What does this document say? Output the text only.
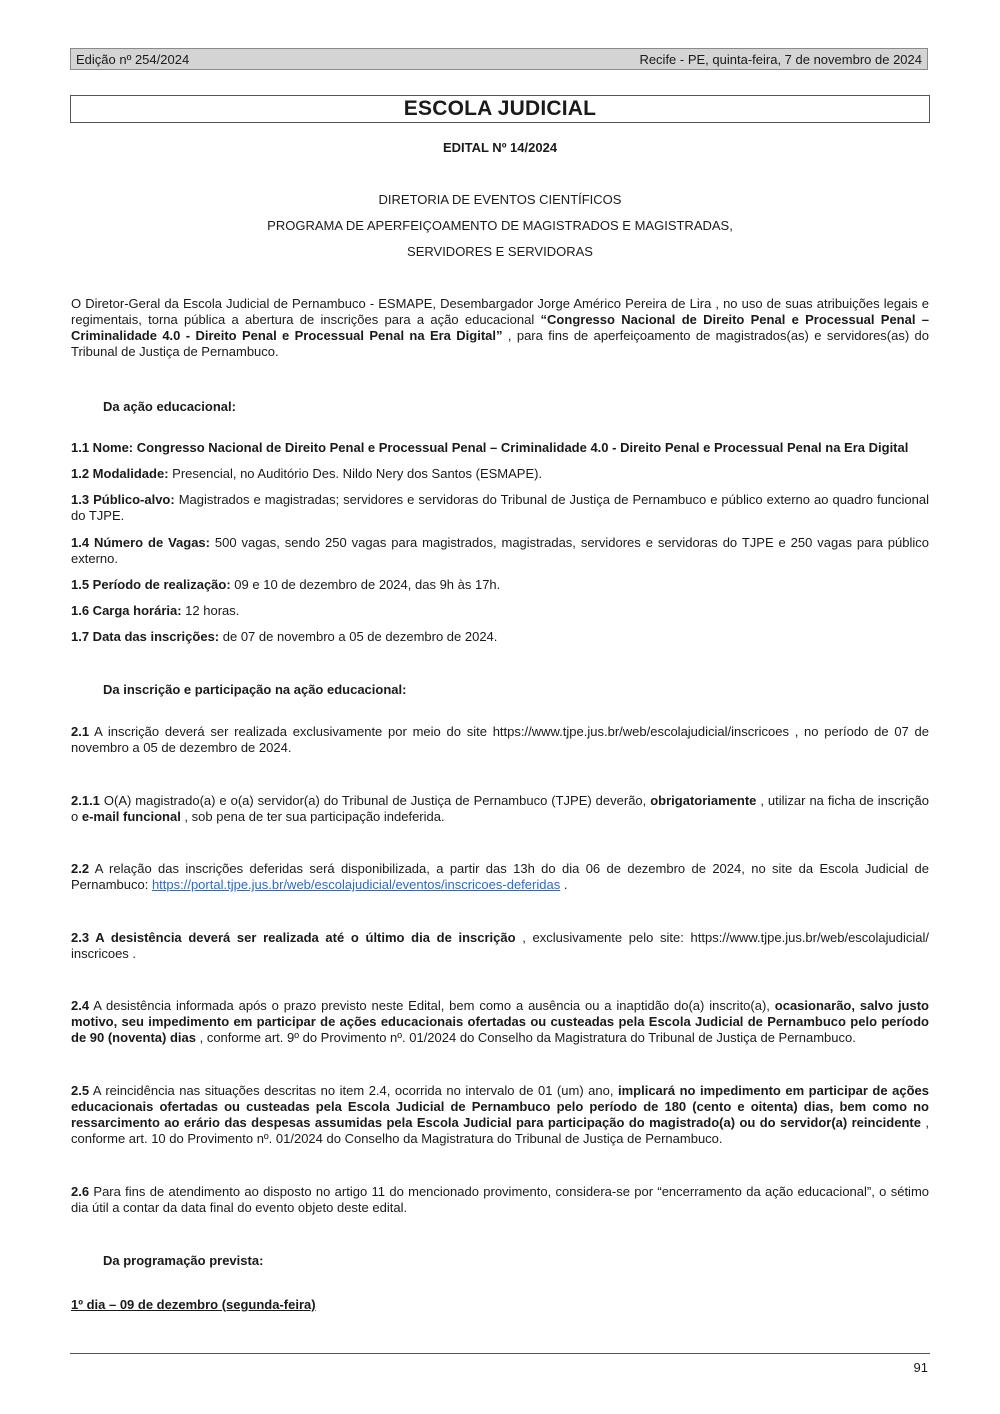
Edição nº 254/2024	Recife - PE, quinta-feira, 7 de novembro de 2024
ESCOLA JUDICIAL

EDITAL Nº 14/2024

DIRETORIA DE EVENTOS CIENTÍFICOS

PROGRAMA DE APERFEIÇOAMENTO DE MAGISTRADOS E MAGISTRADAS,

SERVIDORES E SERVIDORAS

O Diretor-Geral da Escola Judicial de Pernambuco - ESMAPE, Desembargador Jorge Américo Pereira de Lira , no uso de suas atribuições legais e regimentais, torna pública a abertura de inscrições para a ação educacional “Congresso Nacional de Direito Penal e Processual Penal – Criminalidade 4.0 - Direito Penal e Processual Penal na Era Digital” , para fins de aperfeiçoamento de magistrados(as) e servidores(as) do Tribunal de Justiça de Pernambuco.

Da ação educacional:

1.1 Nome: Congresso Nacional de Direito Penal e Processual Penal – Criminalidade 4.0 - Direito Penal e Processual Penal na Era Digital

1.2 Modalidade: Presencial, no Auditório Des. Nildo Nery dos Santos (ESMAPE).

1.3 Público-alvo: Magistrados e magistradas; servidores e servidoras do Tribunal de Justiça de Pernambuco e público externo ao quadro funcional do TJPE.

1.4 Número de Vagas: 500 vagas, sendo 250 vagas para magistrados, magistradas, servidores e servidoras do TJPE e 250 vagas para público externo.

1.5 Período de realização: 09 e 10 de dezembro de 2024, das 9h às 17h.

1.6 Carga horária: 12 horas.

1.7 Data das inscrições: de 07 de novembro a 05 de dezembro de 2024.

Da inscrição e participação na ação educacional:

2.1 A inscrição deverá ser realizada exclusivamente por meio do site https://www.tjpe.jus.br/web/escolajudicial/inscricoes , no período de 07 de novembro a 05 de dezembro de 2024.

2.1.1 O(A) magistrado(a) e o(a) servidor(a) do Tribunal de Justiça de Pernambuco (TJPE) deverão, obrigatoriamente , utilizar na ficha de inscrição o e-mail funcional , sob pena de ter sua participação indeferida.

2.2 A relação das inscrições deferidas será disponibilizada, a partir das 13h do dia 06 de dezembro de 2024, no site da Escola Judicial de Pernambuco: https://portal.tjpe.jus.br/web/escolajudicial/eventos/inscricoes-deferidas .

2.3 A desistência deverá ser realizada até o último dia de inscrição , exclusivamente pelo site: https://www.tjpe.jus.br/web/escolajudicial/ inscricoes .

2.4 A desistência informada após o prazo previsto neste Edital, bem como a ausência ou a inaptidão do(a) inscrito(a), ocasionarão, salvo justo motivo, seu impedimento em participar de ações educacionais ofertadas ou custeadas pela Escola Judicial de Pernambuco pelo período de 90 (noventa) dias , conforme art. 9º do Provimento nº. 01/2024 do Conselho da Magistratura do Tribunal de Justiça de Pernambuco.

2.5 A reincidência nas situações descritas no item 2.4, ocorrida no intervalo de 01 (um) ano, implicará no impedimento em participar de ações educacionais ofertadas ou custeadas pela Escola Judicial de Pernambuco pelo período de 180 (cento e oitenta) dias, bem como no ressarcimento ao erário das despesas assumidas pela Escola Judicial para participação do magistrado(a) ou do servidor(a) reincidente , conforme art. 10 do Provimento nº. 01/2024 do Conselho da Magistratura do Tribunal de Justiça de Pernambuco.

2.6 Para fins de atendimento ao disposto no artigo 11 do mencionado provimento, considera-se por “encerramento da ação educacional”, o sétimo dia útil a contar da data final do evento objeto deste edital.

Da programação prevista:

1º dia – 09 de dezembro (segunda-feira)

91
